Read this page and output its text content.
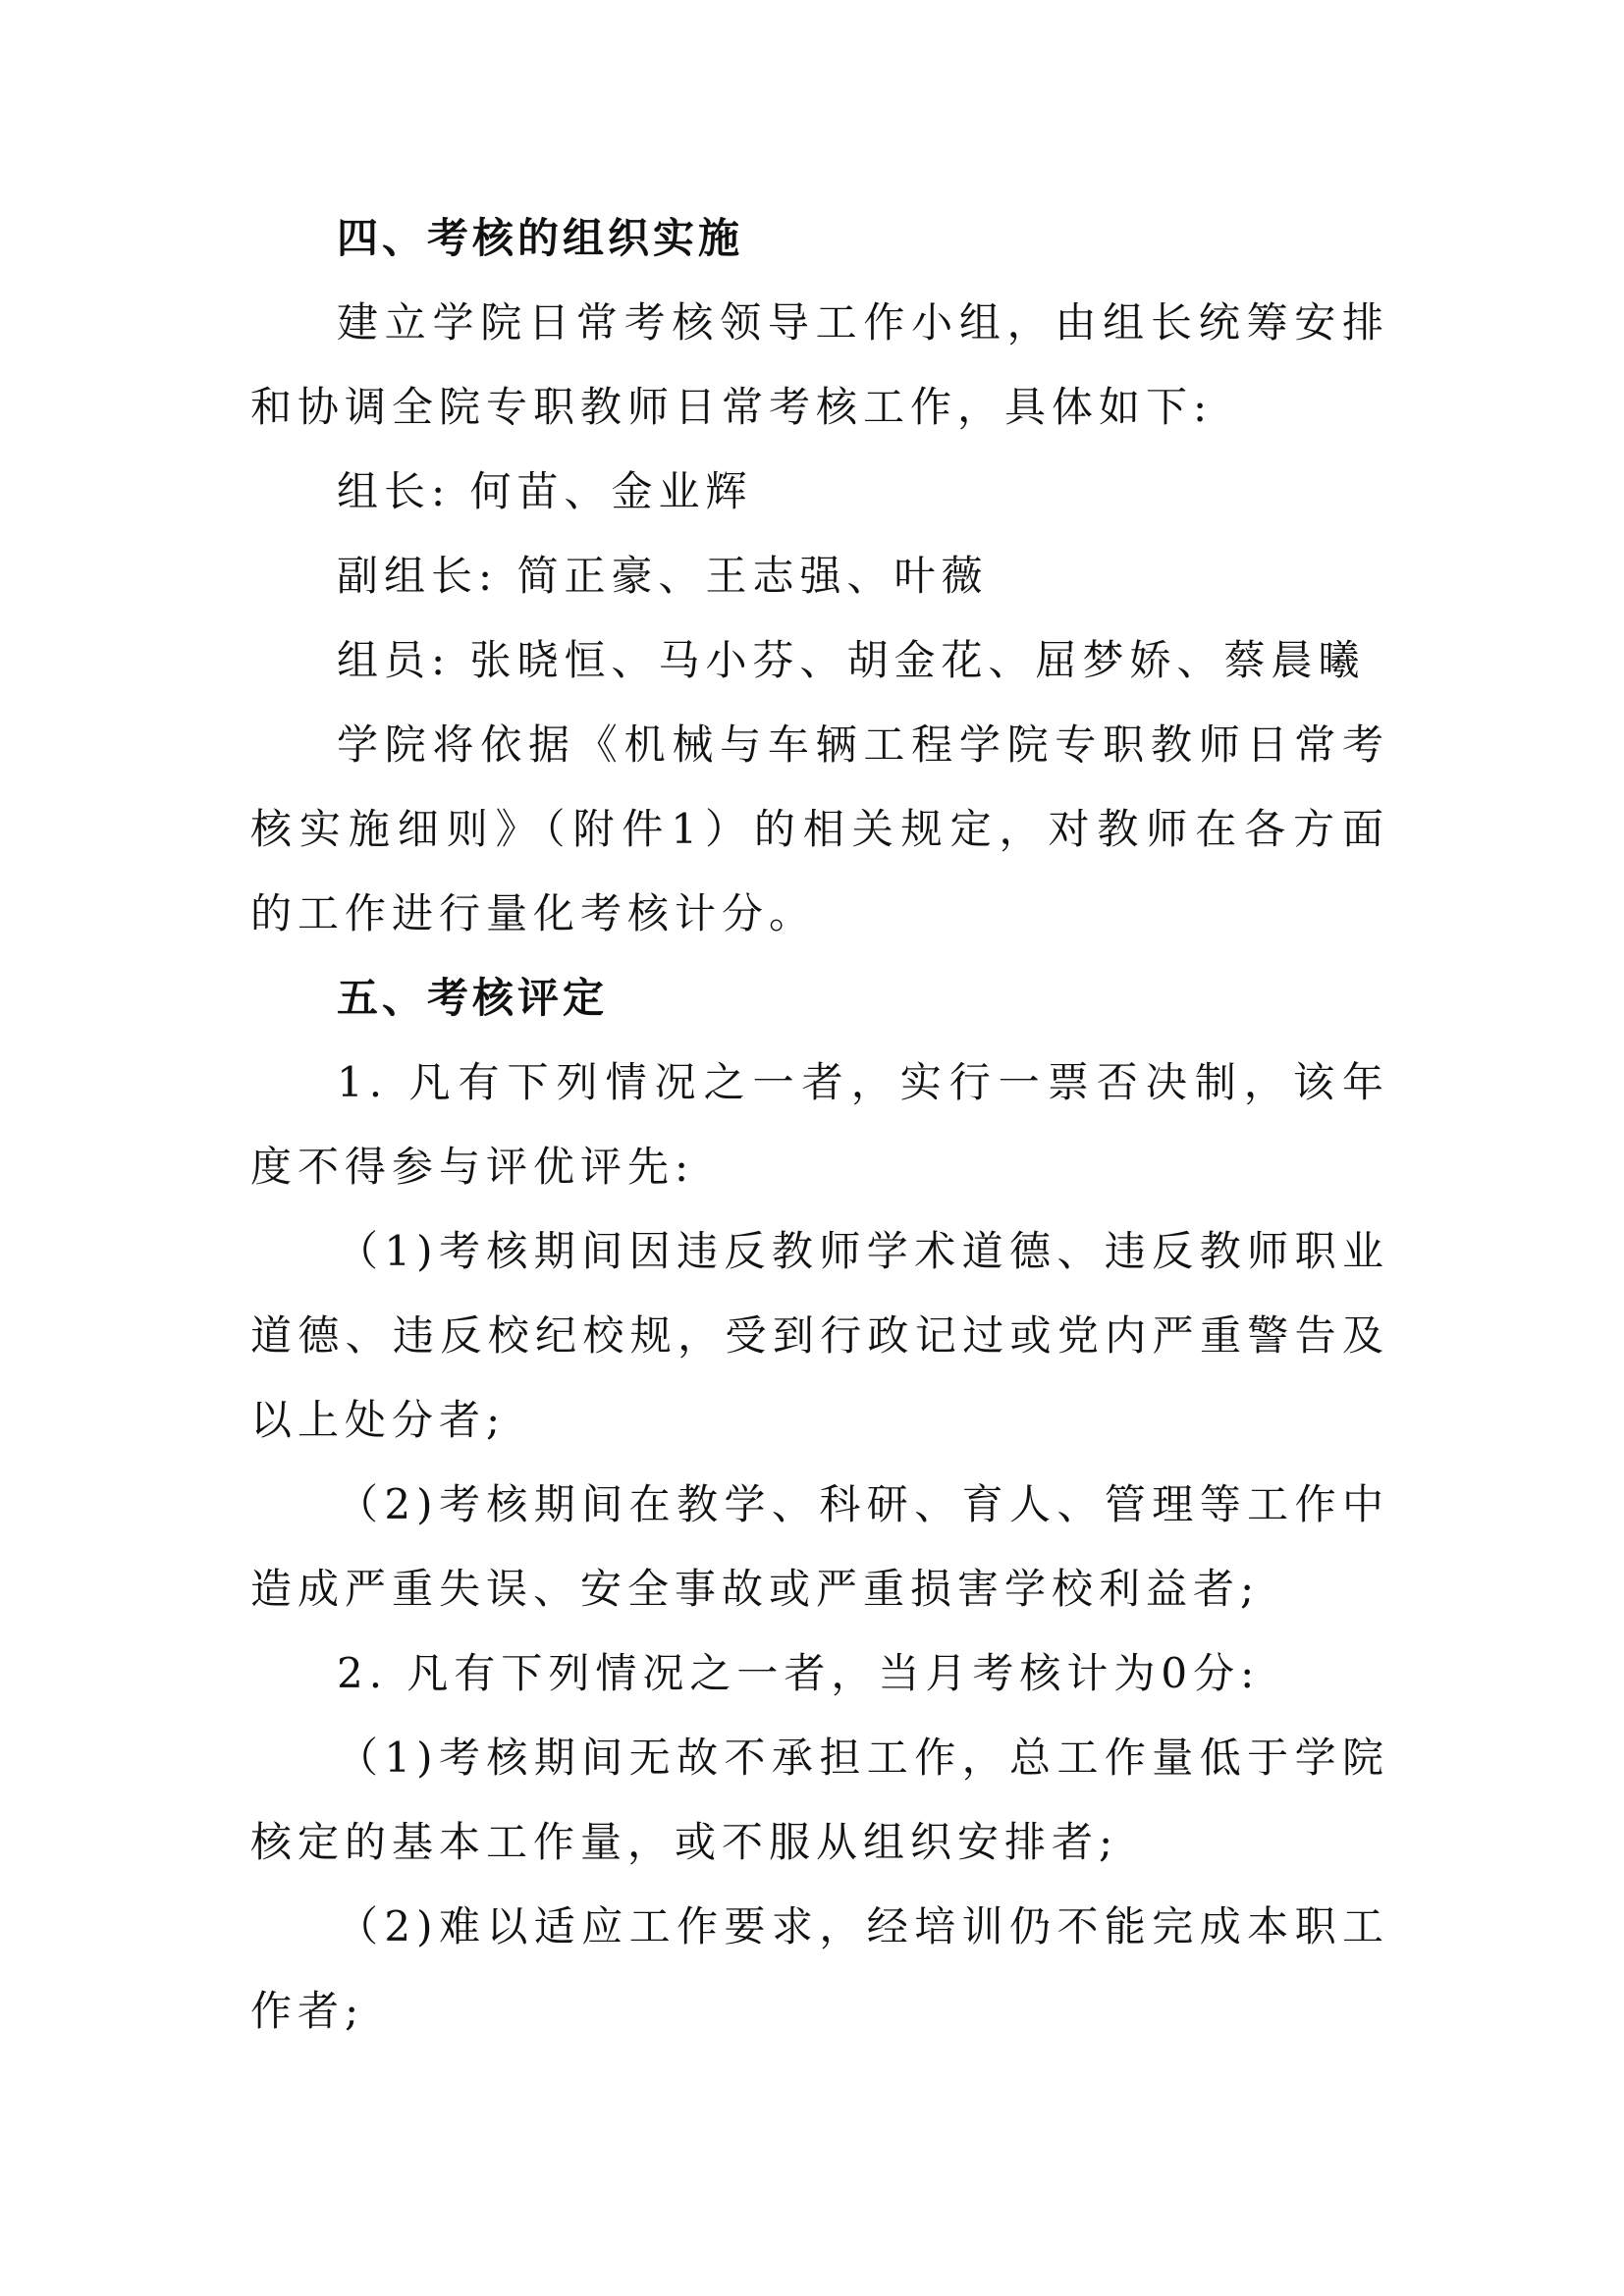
四、考核的组织实施

建立学院日常考核领导工作小组，由组长统筹安排和协调全院专职教师日常考核工作，具体如下:

组长: 何苗、金业辉

副组长: 简正豪、王志强、叶薇

组员: 张晓恒、马小芬、胡金花、屈梦娇、蔡晨曦

学院将依据《机械与车辆工程学院专职教师日常考核实施细则》（附件1）的相关规定，对教师在各方面的工作进行量化考核计分。

五、考核评定

1. 凡有下列情况之一者，实行一票否决制，该年度不得参与评优评先:

（1)考核期间因违反教师学术道德、违反教师职业道德、违反校纪校规，受到行政记过或党内严重警告及以上处分者;

（2)考核期间在教学、科研、育人、管理等工作中造成严重失误、安全事故或严重损害学校利益者;

2. 凡有下列情况之一者，当月考核计为0分:

（1)考核期间无故不承担工作，总工作量低于学院核定的基本工作量，或不服从组织安排者;

（2)难以适应工作要求，经培训仍不能完成本职工作者;
